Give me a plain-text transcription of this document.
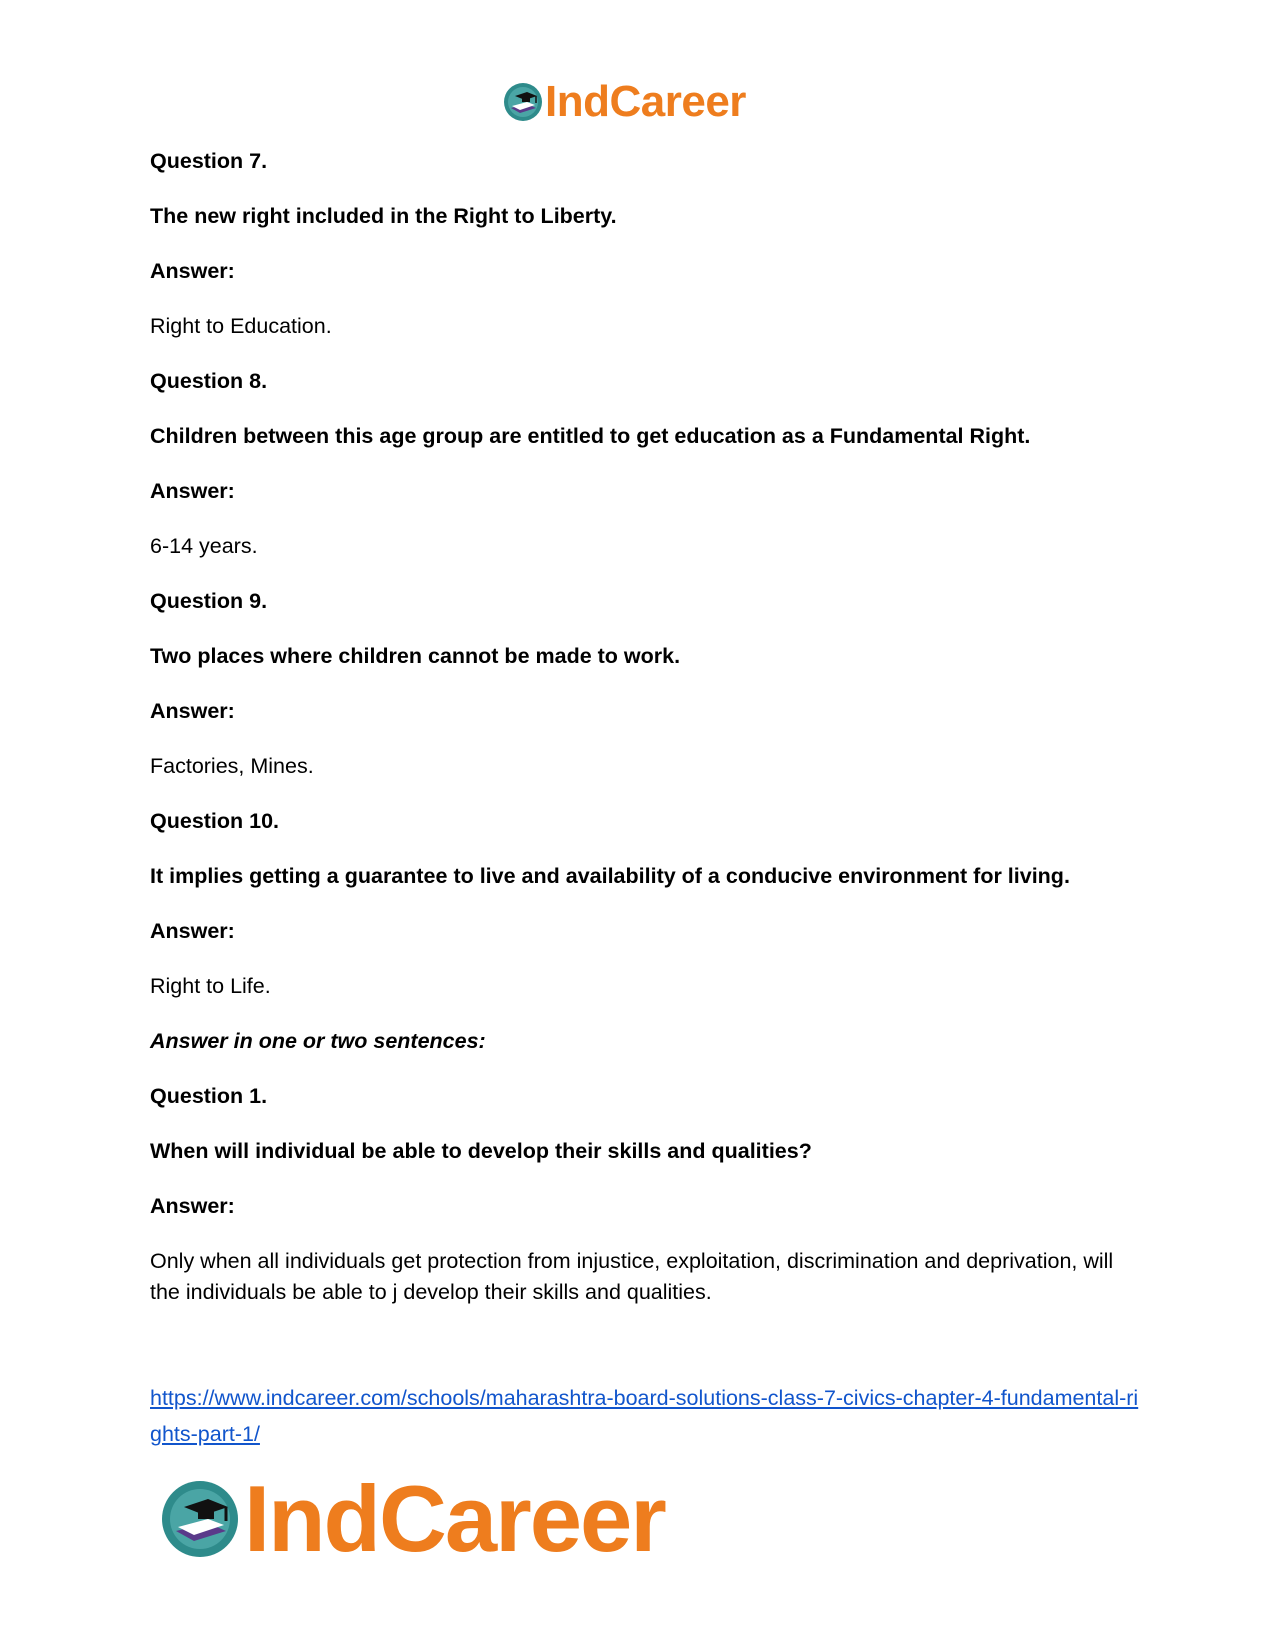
IndCareer

Question 7.

The new right included in the Right to Liberty.

Answer:

Right to Education.

Question 8.

Children between this age group are entitled to get education as a Fundamental Right.

Answer:

6-14 years.

Question 9.

Two places where children cannot be made to work.

Answer:

Factories, Mines.

Question 10.

It implies getting a guarantee to live and availability of a conducive environment for living.

Answer:

Right to Life.

Answer in one or two sentences:

Question 1.

When will individual be able to develop their skills and qualities?

Answer:

Only when all individuals get protection from injustice, exploitation, discrimination and deprivation, will the individuals be able to j develop their skills and qualities.

https://www.indcareer.com/schools/maharashtra-board-solutions-class-7-civics-chapter-4-fundamental-rights-part-1/
IndCareer
